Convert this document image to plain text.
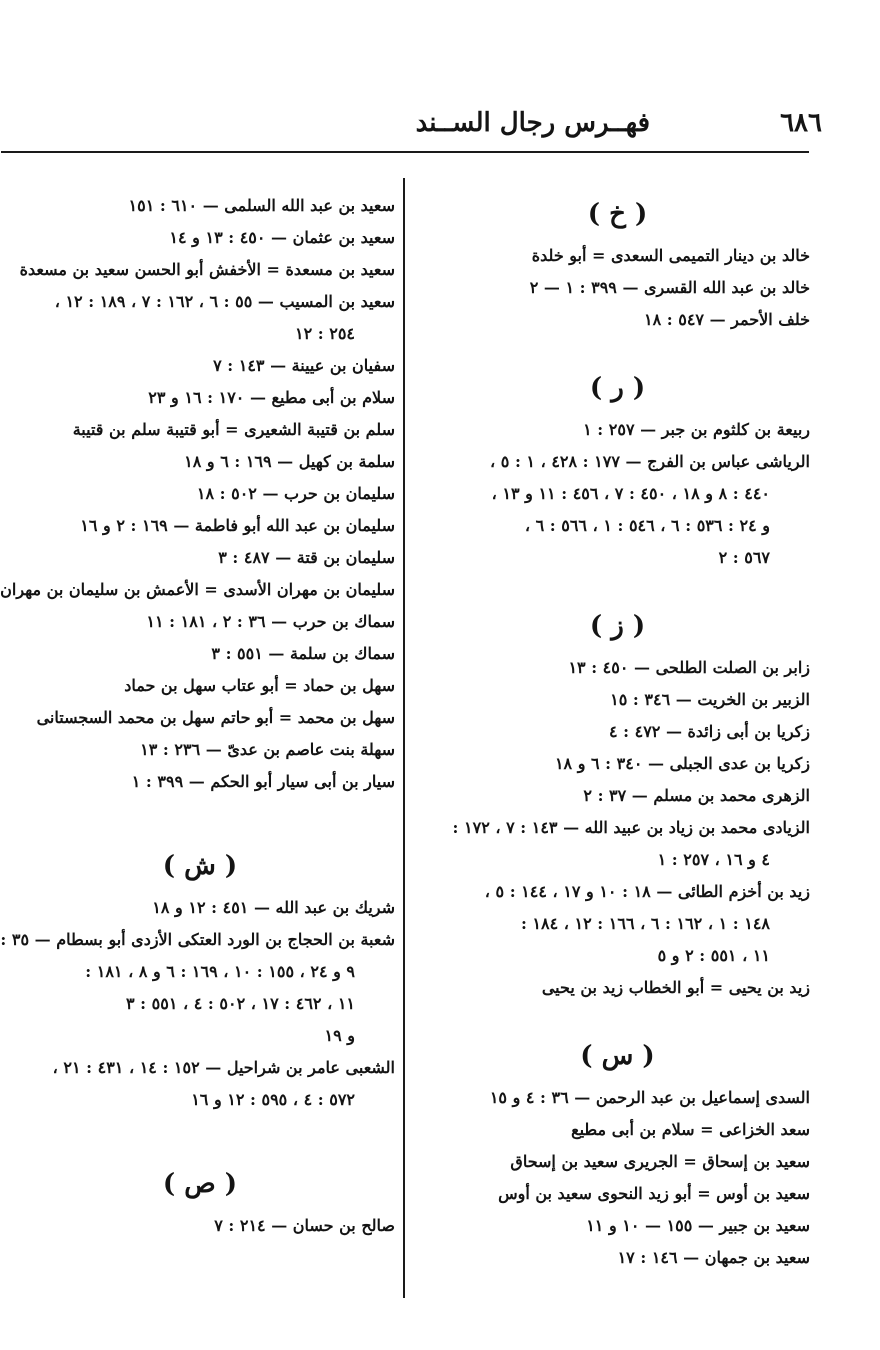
٦٨٦
فهــرس رجال الســند
( خ )
خالد بن دينار التميمى السعدى = أبو خلدة
خالد بن عبد الله القسرى — ٣٩٩ : ١ — ٢
خلف الأحمر — ٥٤٧ : ١٨
( ر )
ربيعة بن كلثوم بن جبر — ٢٥٧ : ١
الرياشى عباس بن الفرج — ١٧٧ : ٤٢٨ ، ١ : ٥ ،
٤٤٠ : ٨ و ١٨ ، ٤٥٠ : ٧ ، ٤٥٦ : ١١ و ١٣ ،
و ٢٤ : ٥٣٦ : ٦ ، ٥٤٦ : ١ ، ٥٦٦ : ٦ ،
٥٦٧ : ٢
( ز )
زابر بن الصلت الطلحى — ٤٥٠ : ١٣
الزبير بن الخريت — ٣٤٦ : ١٥
زكريا بن أبى زائدة — ٤٧٢ : ٤
زكريا بن عدى الجبلى — ٣٤٠ : ٦ و ١٨
الزهرى محمد بن مسلم — ٣٧ : ٢
الزيادى محمد بن زياد بن عبيد الله — ١٤٣ : ٧ ، ١٧٢ :
٤ و ١٦ ، ٢٥٧ : ١
زيد بن أخزم الطائى — ١٨ : ١٠ و ١٧ ، ١٤٤ : ٥ ،
١٤٨ : ١ ، ١٦٢ : ٦ ، ١٦٦ : ١٢ ، ١٨٤ :
١١ ، ٥٥١ : ٢ و ٥
زيد بن يحيى = أبو الخطاب زيد بن يحيى
( س )
السدى إسماعيل بن عبد الرحمن — ٣٦ : ٤ و ١٥
سعد الخزاعى = سلام بن أبى مطيع
سعيد بن إسحاق = الجريرى سعيد بن إسحاق
سعيد بن أوس = أبو زيد النحوى سعيد بن أوس
سعيد بن جبير — ١٥٥ — ١٠ و ١١
سعيد بن جمهان — ١٤٦ : ١٧
سعيد بن عبد الله السلمى — ٦١٠ : ١٥١
سعيد بن عثمان — ٤٥٠ : ١٣ و ١٤
سعيد بن مسعدة = الأخفش أبو الحسن سعيد بن مسعدة
سعيد بن المسيب — ٥٥ : ٦ ، ١٦٢ : ٧ ، ١٨٩ : ١٢ ،
٢٥٤ : ١٢
سفيان بن عيينة — ١٤٣ : ٧
سلام بن أبى مطيع — ١٧٠ : ١٦ و ٢٣
سلم بن قتيبة الشعيرى = أبو قتيبة سلم بن قتيبة
سلمة بن كهيل — ١٦٩ : ٦ و ١٨
سليمان بن حرب — ٥٠٢ : ١٨
سليمان بن عبد الله أبو فاطمة — ١٦٩ : ٢ و ١٦
سليمان بن قتة — ٤٨٧ : ٣
سليمان بن مهران الأسدى = الأعمش بن سليمان بن مهران
سماك بن حرب — ٣٦ : ٢ ، ١٨١ : ١١
سماك بن سلمة — ٥٥١ : ٣
سهل بن حماد = أبو عتاب سهل بن حماد
سهل بن محمد = أبو حاتم سهل بن محمد السجستانى
سهلة بنت عاصم بن عدىّ — ٢٣٦ : ١٣
سيار بن أبى سيار أبو الحكم — ٣٩٩ : ١
( ش )
شريك بن عبد الله — ٤٥١ : ١٢ و ١٨
شعبة بن الحجاج بن الورد العتكى الأزدى أبو بسطام — ٣٥ :
٩ و ٢٤ ، ١٥٥ : ١٠ ، ١٦٩ : ٦ و ٨ ، ١٨١ :
١١ ، ٤٦٢ : ١٧ ، ٥٠٢ : ٤ ، ٥٥١ : ٣
و ١٩
الشعبى عامر بن شراحيل — ١٥٢ : ١٤ ، ٤٣١ : ٢١ ،
٥٧٢ : ٤ ، ٥٩٥ : ١٢ و ١٦
( ص )
صالح بن حسان — ٢١٤ : ٧
